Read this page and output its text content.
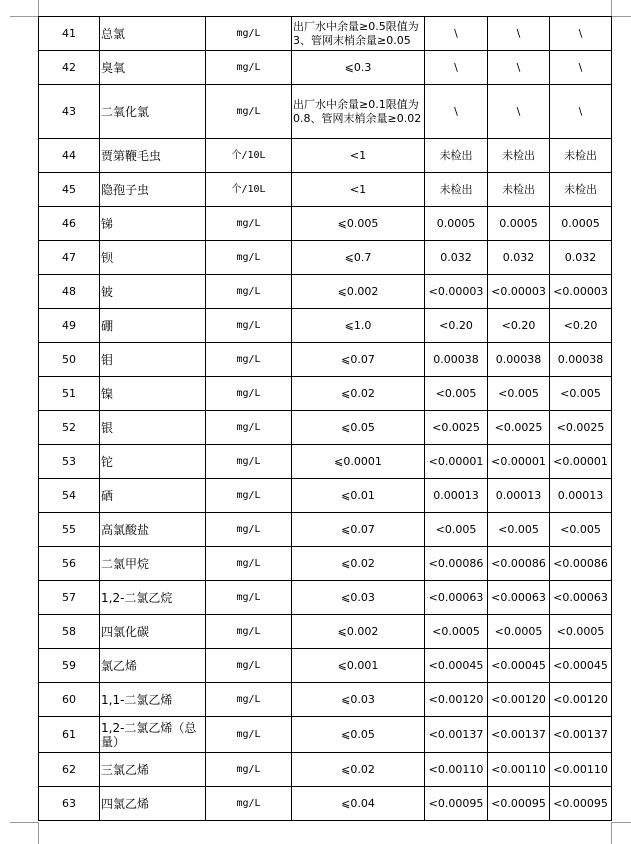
41	总氯	mg/L	出厂水中余量≥0.5限值为3、管网末梢余量≥0.05	\	\	\
42	臭氧	mg/L	⩽0.3	\	\	\
43	二氧化氯	mg/L	出厂水中余量≥0.1限值为0.8、管网末梢余量≥0.02	\	\	\
44	贾第鞭毛虫	个/10L	<1	未检出	未检出	未检出
45	隐孢子虫	个/10L	<1	未检出	未检出	未检出
46	锑	mg/L	⩽0.005	0.0005	0.0005	0.0005
47	钡	mg/L	⩽0.7	0.032	0.032	0.032
48	铍	mg/L	⩽0.002	<0.00003	<0.00003	<0.00003
49	硼	mg/L	⩽1.0	<0.20	<0.20	<0.20
50	钼	mg/L	⩽0.07	0.00038	0.00038	0.00038
51	镍	mg/L	⩽0.02	<0.005	<0.005	<0.005
52	银	mg/L	⩽0.05	<0.0025	<0.0025	<0.0025
53	铊	mg/L	⩽0.0001	<0.00001	<0.00001	<0.00001
54	硒	mg/L	⩽0.01	0.00013	0.00013	0.00013
55	高氯酸盐	mg/L	⩽0.07	<0.005	<0.005	<0.005
56	二氯甲烷	mg/L	⩽0.02	<0.00086	<0.00086	<0.00086
57	1,2-二氯乙烷	mg/L	⩽0.03	<0.00063	<0.00063	<0.00063
58	四氯化碳	mg/L	⩽0.002	<0.0005	<0.0005	<0.0005
59	氯乙烯	mg/L	⩽0.001	<0.00045	<0.00045	<0.00045
60	1,1-二氯乙烯	mg/L	⩽0.03	<0.00120	<0.00120	<0.00120
61	1,2-二氯乙烯（总量）	mg/L	⩽0.05	<0.00137	<0.00137	<0.00137
62	三氯乙烯	mg/L	⩽0.02	<0.00110	<0.00110	<0.00110
63	四氯乙烯	mg/L	⩽0.04	<0.00095	<0.00095	<0.00095
